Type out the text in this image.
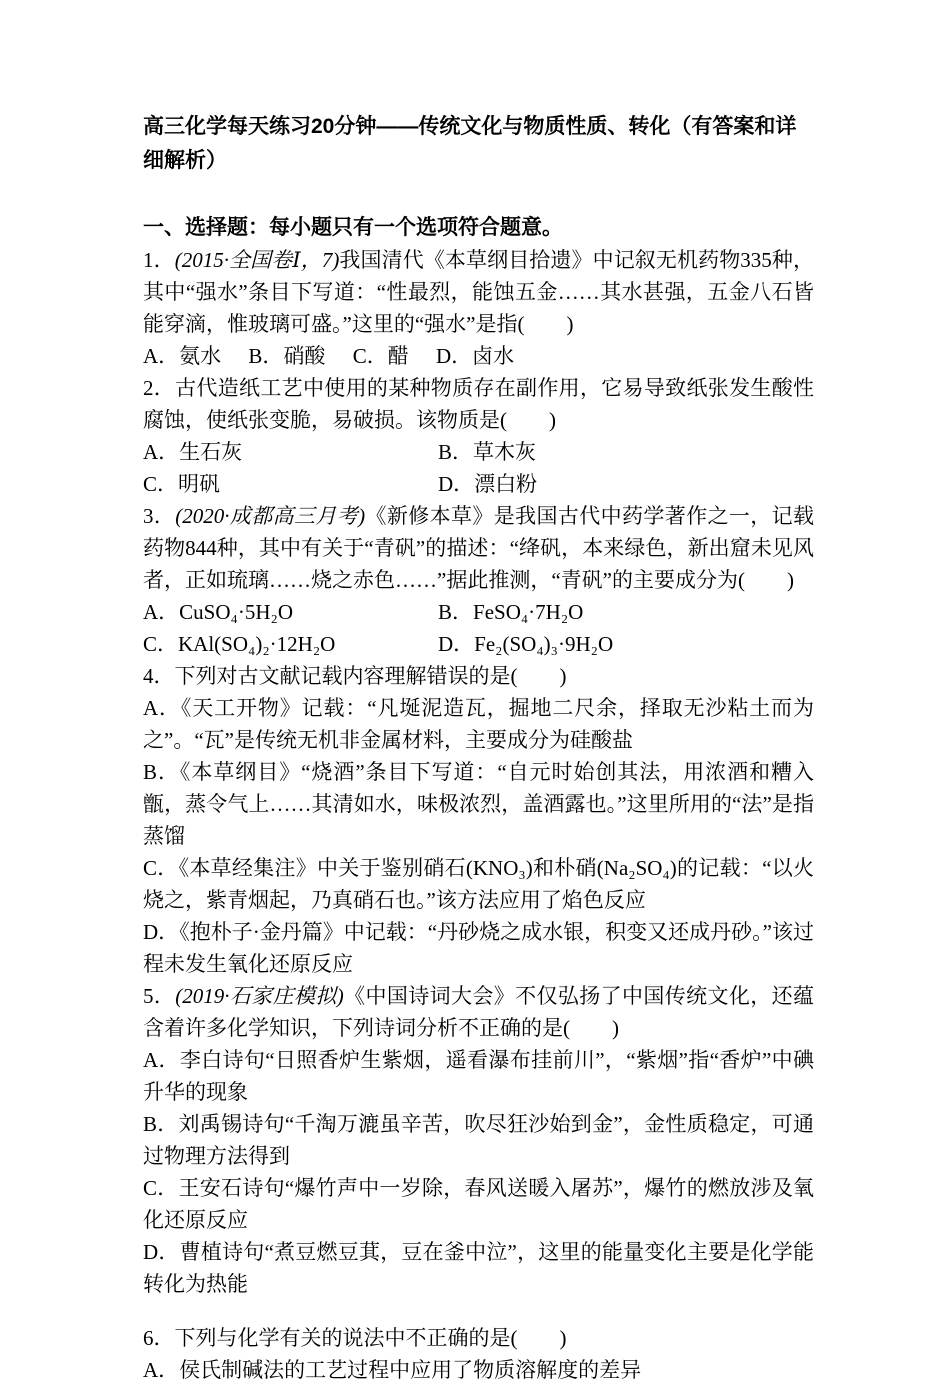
高三化学每天练习20分钟——传统文化与物质性质、转化（有答案和详细解析）

一、选择题：每小题只有一个选项符合题意。

1．(2015·全国卷Ⅰ，7)我国清代《本草纲目拾遗》中记叙无机药物335种，其中“强水”条目下写道：“性最烈，能蚀五金……其水甚强，五金八石皆能穿滴，惟玻璃可盛。”这里的“强水”是指(　　)

A．氨水 B．硝酸 C．醋 D．卤水

2．古代造纸工艺中使用的某种物质存在副作用，它易导致纸张发生酸性腐蚀，使纸张变脆，易破损。该物质是(　　)

A．生石灰	B．草木灰

C．明矾	D．漂白粉

3．(2020·成都高三月考)《新修本草》是我国古代中药学著作之一，记载药物844种，其中有关于“青矾”的描述：“绛矾，本来绿色，新出窟未见风者，正如琉璃……烧之赤色……”据此推测，“青矾”的主要成分为(　　)

A．CuSO₄·5H₂O	B．FeSO₄·7H₂O

C．KAl(SO₄)₂·12H₂O	D．Fe₂(SO₄)₃·9H₂O

4．下列对古文献记载内容理解错误的是(　　)

A．《天工开物》记载：“凡埏泥造瓦，掘地二尺余，择取无沙粘土而为之”。“瓦”是传统无机非金属材料，主要成分为硅酸盐

B．《本草纲目》“烧酒”条目下写道：“自元时始创其法，用浓酒和糟入甑，蒸令气上……其清如水，味极浓烈，盖酒露也。”这里所用的“法”是指蒸馏

C．《本草经集注》中关于鉴别硝石(KNO₃)和朴硝(Na₂SO₄)的记载：“以火烧之，紫青烟起，乃真硝石也。”该方法应用了焰色反应

D．《抱朴子·金丹篇》中记载：“丹砂烧之成水银，积变又还成丹砂。”该过程未发生氧化还原反应

5．(2019·石家庄模拟)《中国诗词大会》不仅弘扬了中国传统文化，还蕴含着许多化学知识，下列诗词分析不正确的是(　　)

A．李白诗句“日照香炉生紫烟，遥看瀑布挂前川”，“紫烟”指“香炉”中碘升华的现象

B．刘禹锡诗句“千淘万漉虽辛苦，吹尽狂沙始到金”，金性质稳定，可通过物理方法得到

C．王安石诗句“爆竹声中一岁除，春风送暖入屠苏”，爆竹的燃放涉及氧化还原反应

D．曹植诗句“煮豆燃豆萁，豆在釜中泣”，这里的能量变化主要是化学能转化为热能

6．下列与化学有关的说法中不正确的是(　　)

A．侯氏制碱法的工艺过程中应用了物质溶解度的差异
